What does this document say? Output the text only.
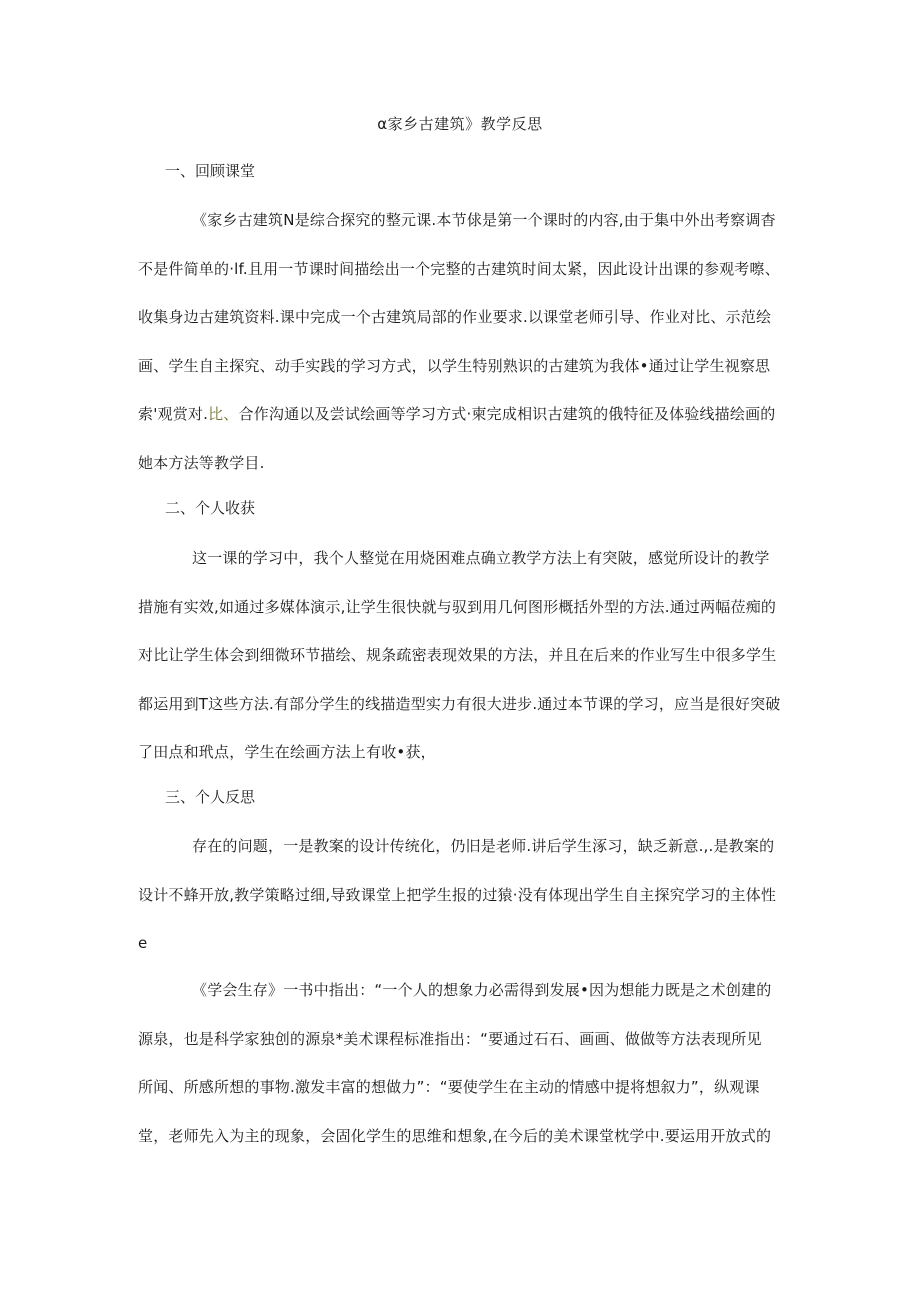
α家乡古建筑》教学反思
一、回顾课堂
《家乡古建筑N是综合探究的整元课.本节俅是第一个课时的内容,由于集中外出考察调杳
不是件简单的·lf.且用一节课时间描绘出一个完整的古建筑时间太紧，因此设计出课的参观考嚓、
收集身边古建筑资料.课中完成一个古建筑局部的作业要求.以课堂老师引导、作业对比、示范绘
画、学生自主探究、动手实践的学习方式，以学生特别熟识的古建筑为我体•通过让学生视察思
索'观赏对.比、合作沟通以及尝试绘画等学习方式·柬完成相识古建筑的俄特征及体验线描绘画的
她本方法等教学目.
二、个人收获
这一课的学习中，我个人整觉在用烧困难点确立教学方法上有突陂，感觉所设计的教学
措施有实效,如通过多媒体演示,让学生很快就与驭到用几何图形概括外型的方法.通过两幅莅痴的
对比让学生体会到细微环节描绘、规条疏密表现效果的方法，并且在后来的作业写生中很多学生
都运用到T这些方法.有部分学生的线描造型实力有很大进步.通过本节课的学习，应当是很好突破
了田点和玳点，学生在绘画方法上有收•获，
三、个人反思
存在的问题，一是教案的设计传统化，仍旧是老师.讲后学生涿习，缺乏新意.,.是教案的
设计不蜂开放,教学策略过细,导致课堂上把学生报的过猿·没有体现出学生自主探究学习的主体性
e
《学会生存》一书中指出：“一个人的想象力必需得到发展•因为想能力既是之术创建的
源泉，也是科学家独创的源泉*美术课程标准指出：“要通过石石、画画、做做等方法表现所见
所闻、所感所想的事物.激发丰富的想做力”：“要使学生在主动的情感中提将想叙力”，纵观课
堂，老师先入为主的现象，会固化学生的思维和想象,在今后的美术课堂枕学中.要运用开放式的
